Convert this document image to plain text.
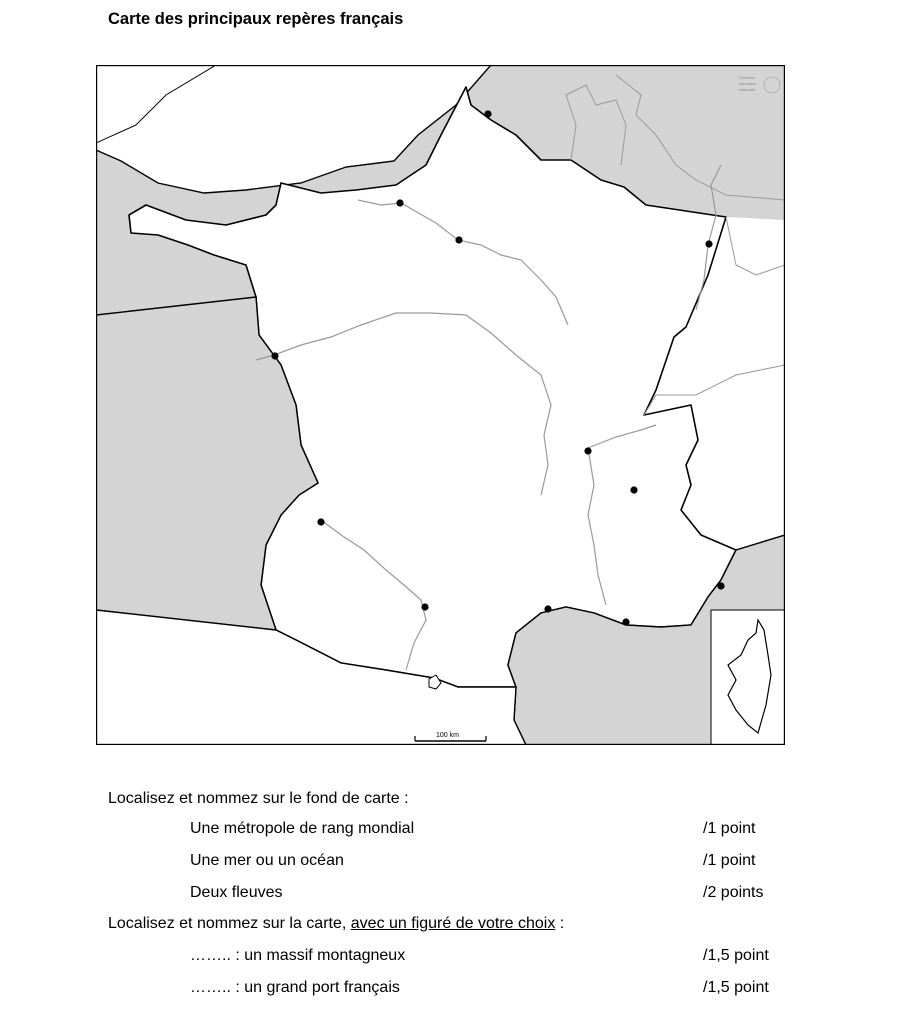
Carte des principaux repères français
Direction
éducation
nationale
100 km
Localisez et nommez sur le fond de carte :
Une métropole de rang mondial	/1 point
Une mer ou un océan	/1 point
Deux fleuves	/2 points
Localisez et nommez sur la carte, avec un figuré de votre choix :
…….. : un massif montagneux	/1,5 point
…….. : un grand port français	/1,5 point
